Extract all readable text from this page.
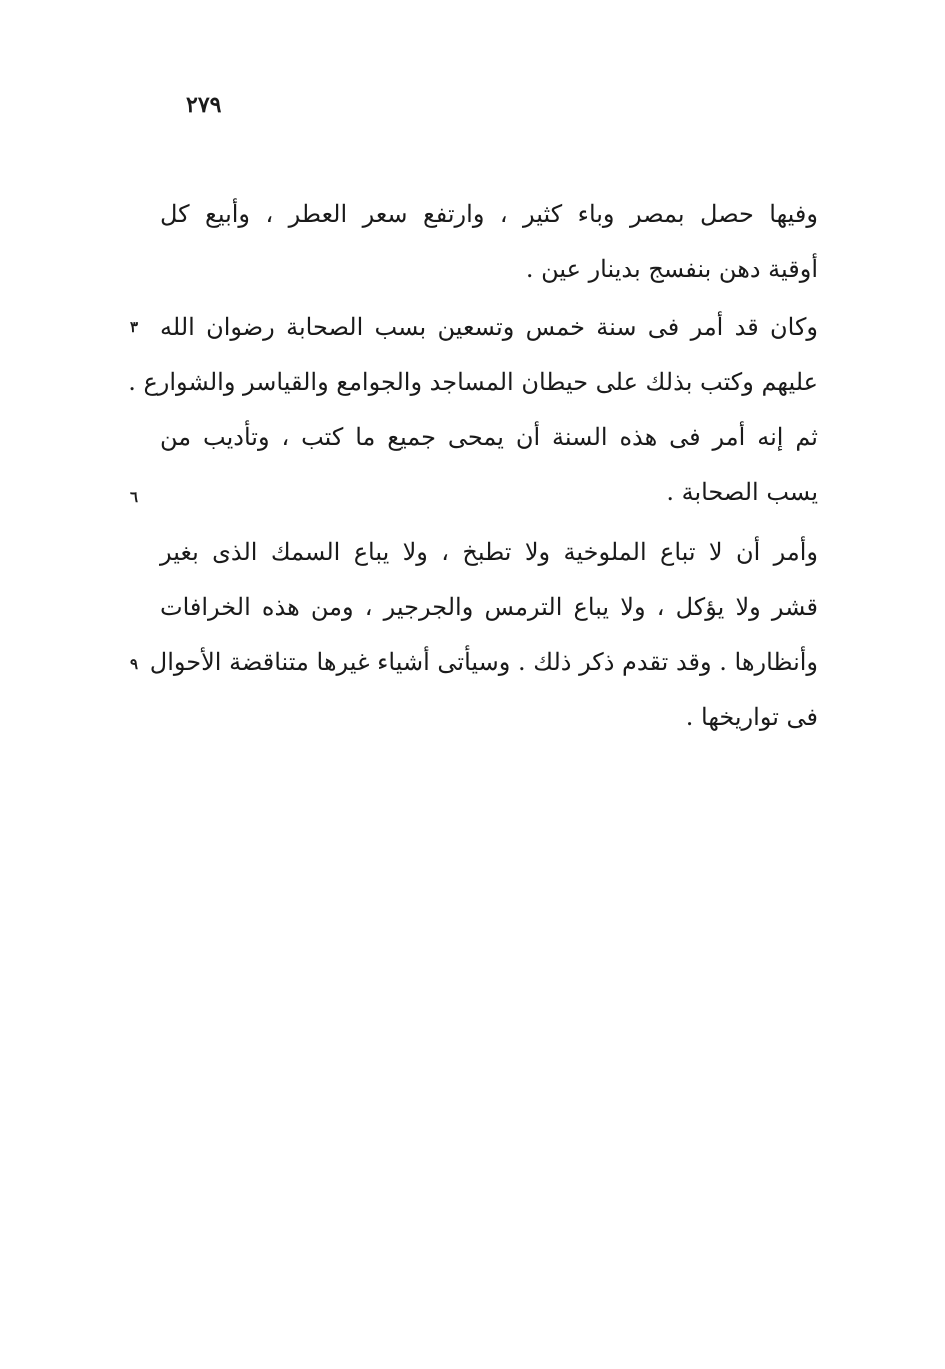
٢٧٩
٣
٦
٩
وفيها حصل بمصر وباء كثير ، وارتفع سعر العطر ، وأبيع كل
أوقية دهن بنفسج بدينار عين .
وكان قد أمر فى سنة خمس وتسعين بسب الصحابة رضوان الله
عليهم وكتب بذلك على حيطان المساجد والجوامع والقياسر والشوارع .
ثم إنه أمر فى هذه السنة أن يمحى جميع ما كتب ، وتأديب من
يسب الصحابة .
وأمر أن لا تباع الملوخية ولا تطبخ ، ولا يباع السمك الذى بغير
قشر ولا يؤكل ، ولا يباع الترمس والجرجير ، ومن هذه الخرافات
وأنظارها . وقد تقدم ذكر ذلك . وسيأتى أشياء غيرها متناقضة الأحوال
فى تواريخها .
